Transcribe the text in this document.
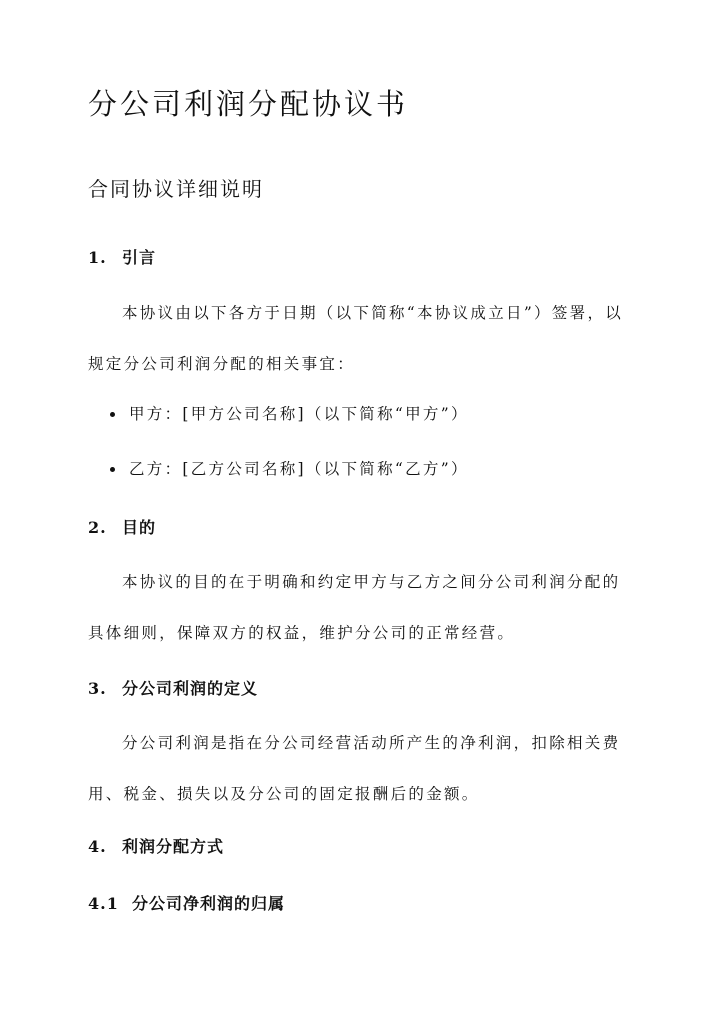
分公司利润分配协议书
合同协议详细说明
1. 引言

本协议由以下各方于日期（以下简称“本协议成立日”）签署，以规定分公司利润分配的相关事宜：

甲方：[甲方公司名称]（以下简称“甲方”）
乙方：[乙方公司名称]（以下简称“乙方”）
2. 目的

本协议的目的在于明确和约定甲方与乙方之间分公司利润分配的具体细则，保障双方的权益，维护分公司的正常经营。

3. 分公司利润的定义

分公司利润是指在分公司经营活动所产生的净利润，扣除相关费用、税金、损失以及分公司的固定报酬后的金额。

4. 利润分配方式
4.1 分公司净利润的归属
